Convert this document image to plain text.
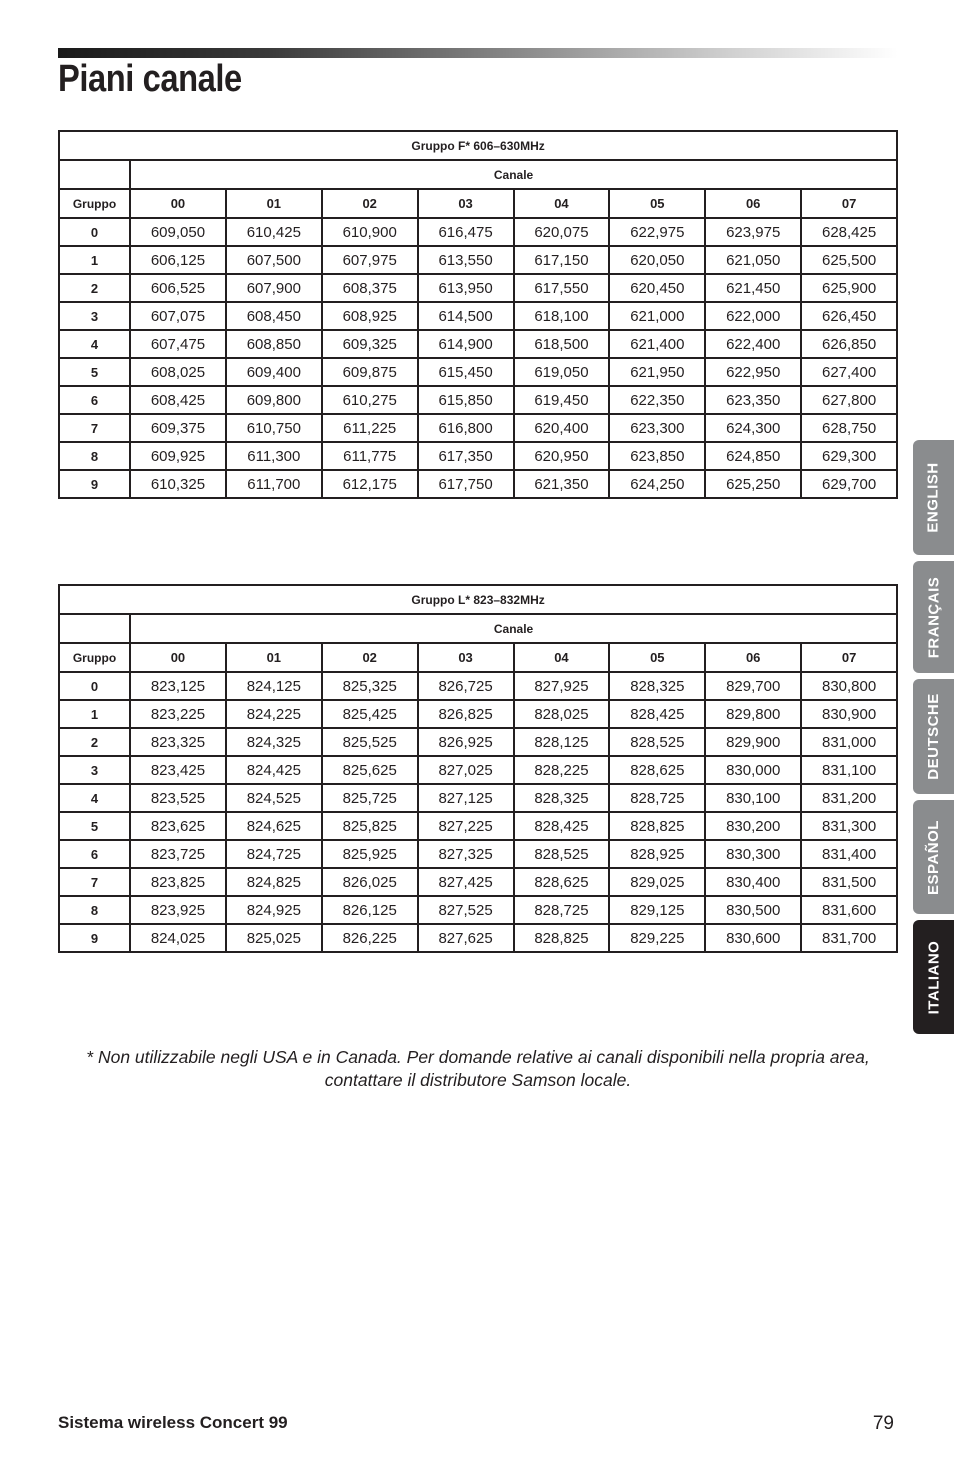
Piani canale
Gruppo F* 606–630MHz								
	Canale							
Gruppo	00	01	02	03	04	05	06	07
0	609,050	610,425	610,900	616,475	620,075	622,975	623,975	628,425
1	606,125	607,500	607,975	613,550	617,150	620,050	621,050	625,500
2	606,525	607,900	608,375	613,950	617,550	620,450	621,450	625,900
3	607,075	608,450	608,925	614,500	618,100	621,000	622,000	626,450
4	607,475	608,850	609,325	614,900	618,500	621,400	622,400	626,850
5	608,025	609,400	609,875	615,450	619,050	621,950	622,950	627,400
6	608,425	609,800	610,275	615,850	619,450	622,350	623,350	627,800
7	609,375	610,750	611,225	616,800	620,400	623,300	624,300	628,750
8	609,925	611,300	611,775	617,350	620,950	623,850	624,850	629,300
9	610,325	611,700	612,175	617,750	621,350	624,250	625,250	629,700
Gruppo L* 823–832MHz								
	Canale							
Gruppo	00	01	02	03	04	05	06	07
0	823,125	824,125	825,325	826,725	827,925	828,325	829,700	830,800
1	823,225	824,225	825,425	826,825	828,025	828,425	829,800	830,900
2	823,325	824,325	825,525	826,925	828,125	828,525	829,900	831,000
3	823,425	824,425	825,625	827,025	828,225	828,625	830,000	831,100
4	823,525	824,525	825,725	827,125	828,325	828,725	830,100	831,200
5	823,625	824,625	825,825	827,225	828,425	828,825	830,200	831,300
6	823,725	824,725	825,925	827,325	828,525	828,925	830,300	831,400
7	823,825	824,825	826,025	827,425	828,625	829,025	830,400	831,500
8	823,925	824,925	826,125	827,525	828,725	829,125	830,500	831,600
9	824,025	825,025	826,225	827,625	828,825	829,225	830,600	831,700
ENGLISH
FRANÇAIS
DEUTSCHE
ESPAÑOL
ITALIANO

* Non utilizzabile negli USA e in Canada. Per domande relative ai canali disponibili nella propria area, contattare il distributore Samson locale.

Sistema wireless Concert 99	79
